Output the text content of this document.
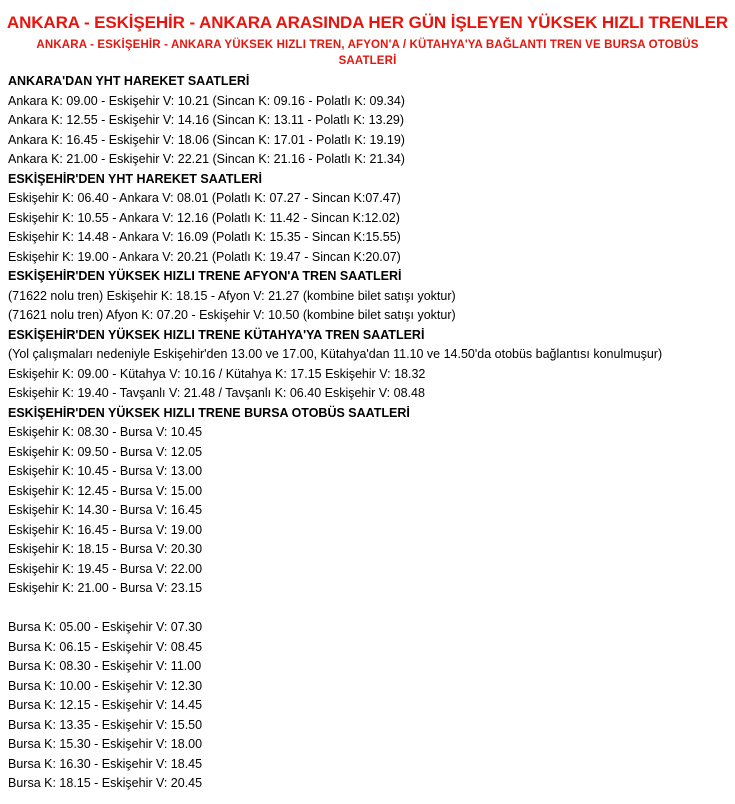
ANKARA - ESKİŞEHİR - ANKARA ARASINDA HER GÜN İŞLEYEN YÜKSEK HIZLI TRENLER
ANKARA - ESKİŞEHİR - ANKARA YÜKSEK HIZLI TREN, AFYON'A / KÜTAHYA'YA BAĞLANTI TREN VE BURSA OTOBÜS SAATLERİ
ANKARA'DAN YHT HAREKET SAATLERİ
Ankara K: 09.00 - Eskişehir V: 10.21 (Sincan K: 09.16 - Polatlı K: 09.34)
Ankara K: 12.55 - Eskişehir V: 14.16 (Sincan K: 13.11 - Polatlı K: 13.29)
Ankara K: 16.45 - Eskişehir V: 18.06 (Sincan K: 17.01 - Polatlı K: 19.19)
Ankara K: 21.00 - Eskişehir V: 22.21 (Sincan K: 21.16 - Polatlı K: 21.34)
ESKİŞEHİR'DEN YHT HAREKET SAATLERİ
Eskişehir K: 06.40 - Ankara V: 08.01 (Polatlı K: 07.27 - Sincan K:07.47)
Eskişehir K: 10.55 - Ankara V: 12.16 (Polatlı K: 11.42 - Sincan K:12.02)
Eskişehir K: 14.48 - Ankara V: 16.09 (Polatlı K: 15.35 - Sincan K:15.55)
Eskişehir K: 19.00 - Ankara V: 20.21 (Polatlı K: 19.47 - Sincan K:20.07)
ESKİŞEHİR'DEN YÜKSEK HIZLI TRENE AFYON'A TREN SAATLERİ
(71622 nolu tren) Eskişehir K: 18.15 - Afyon V: 21.27 (kombine bilet satışı yoktur)
(71621 nolu tren) Afyon K: 07.20 - Eskişehir V: 10.50 (kombine bilet satışı yoktur)
ESKİŞEHİR'DEN YÜKSEK HIZLI TRENE KÜTAHYA'YA TREN SAATLERİ
(Yol çalışmaları nedeniyle Eskişehir'den 13.00 ve 17.00, Kütahya'dan 11.10 ve 14.50'da otobüs bağlantısı konulmuşur)
Eskişehir K: 09.00 - Kütahya V: 10.16 / Kütahya K: 17.15 Eskişehir V: 18.32
Eskişehir K: 19.40 - Tavşanlı V: 21.48 / Tavşanlı K: 06.40 Eskişehir V: 08.48
ESKİŞEHİR'DEN YÜKSEK HIZLI TRENE BURSA OTOBÜS SAATLERİ
Eskişehir K: 08.30 - Bursa V: 10.45
Eskişehir K: 09.50 - Bursa V: 12.05
Eskişehir K: 10.45 - Bursa V: 13.00
Eskişehir K: 12.45 - Bursa V: 15.00
Eskişehir K: 14.30 - Bursa V: 16.45
Eskişehir K: 16.45 - Bursa V: 19.00
Eskişehir K: 18.15 - Bursa V: 20.30
Eskişehir K: 19.45 - Bursa V: 22.00
Eskişehir K: 21.00 - Bursa V: 23.15
Bursa K: 05.00 - Eskişehir V: 07.30
Bursa K: 06.15 - Eskişehir V: 08.45
Bursa K: 08.30 - Eskişehir V: 11.00
Bursa K: 10.00 - Eskişehir V: 12.30
Bursa K: 12.15 - Eskişehir V: 14.45
Bursa K: 13.35 - Eskişehir V: 15.50
Bursa K: 15.30 - Eskişehir V: 18.00
Bursa K: 16.30 - Eskişehir V: 18.45
Bursa K: 18.15 - Eskişehir V: 20.45
